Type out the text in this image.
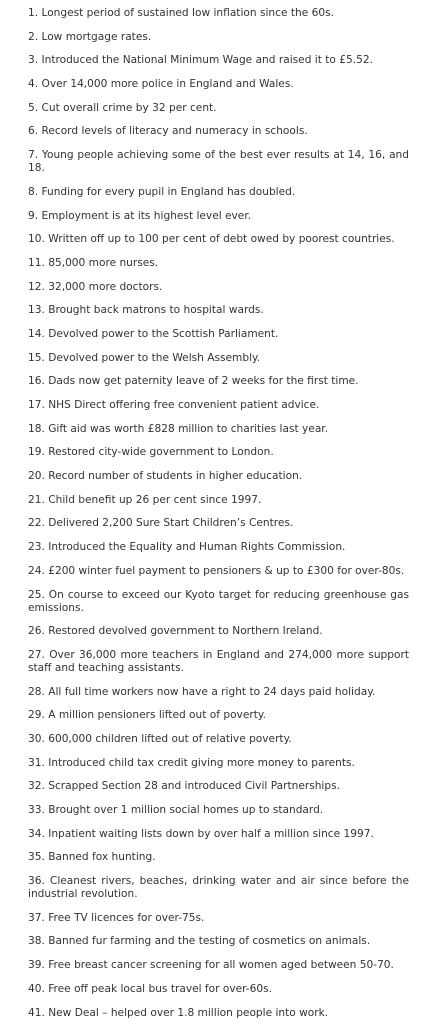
1. Longest period of sustained low inflation since the 60s.
2. Low mortgage rates.
3. Introduced the National Minimum Wage and raised it to £5.52.
4. Over 14,000 more police in England and Wales.
5. Cut overall crime by 32 per cent.
6. Record levels of literacy and numeracy in schools.
7. Young people achieving some of the best ever results at 14, 16, and 18.
8. Funding for every pupil in England has doubled.
9. Employment is at its highest level ever.
10. Written off up to 100 per cent of debt owed by poorest countries.
11. 85,000 more nurses.
12. 32,000 more doctors.
13. Brought back matrons to hospital wards.
14. Devolved power to the Scottish Parliament.
15. Devolved power to the Welsh Assembly.
16. Dads now get paternity leave of 2 weeks for the first time.
17. NHS Direct offering free convenient patient advice.
18. Gift aid was worth £828 million to charities last year.
19. Restored city-wide government to London.
20. Record number of students in higher education.
21. Child benefit up 26 per cent since 1997.
22. Delivered 2,200 Sure Start Children’s Centres.
23. Introduced the Equality and Human Rights Commission.
24. £200 winter fuel payment to pensioners & up to £300 for over-80s.
25. On course to exceed our Kyoto target for reducing greenhouse gas emissions.
26. Restored devolved government to Northern Ireland.
27. Over 36,000 more teachers in England and 274,000 more support staff and teaching assistants.
28. All full time workers now have a right to 24 days paid holiday.
29. A million pensioners lifted out of poverty.
30. 600,000 children lifted out of relative poverty.
31. Introduced child tax credit giving more money to parents.
32. Scrapped Section 28 and introduced Civil Partnerships.
33. Brought over 1 million social homes up to standard.
34. Inpatient waiting lists down by over half a million since 1997.
35. Banned fox hunting.
36. Cleanest rivers, beaches, drinking water and air since before the industrial revolution.
37. Free TV licences for over-75s.
38. Banned fur farming and the testing of cosmetics on animals.
39. Free breast cancer screening for all women aged between 50-70.
40. Free off peak local bus travel for over-60s.
41. New Deal – helped over 1.8 million people into work.
